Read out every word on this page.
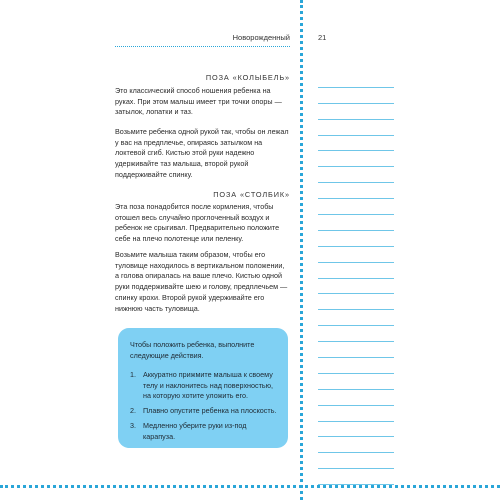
Новорожденный
ПОЗА «КОЛЫБЕЛЬ»

Это классический способ ношения ребенка на руках. При этом малыш имеет три точки опоры — затылок, лопатки и таз.

Возьмите ребенка одной рукой так, чтобы он лежал у вас на предплечье, опираясь затылком на локтевой сгиб. Кистью этой руки надежно удерживайте таз малыша, второй рукой поддерживайте спинку.

ПОЗА «СТОЛБИК»

Эта поза понадобится после кормления, чтобы отошел весь случайно проглоченный воздух и ребенок не срыгивал. Предварительно положите себе на плечо полотенце или пеленку.

Возьмите малыша таким образом, чтобы его туловище находилось в вертикальном положении, а голова опиралась на ваше плечо. Кистью одной руки поддерживайте шею и голову, предплечьем — спинку крохи. Второй рукой удерживайте его нижнюю часть туловища.

Чтобы положить ребенка, выполните следующие действия.

1. Аккуратно прижмите малыша к своему телу и наклонитесь над поверхностью, на которую хотите уложить его.
2. Плавно опустите ребенка на плоскость.
3. Медленно уберите руки из-под карапуза.
21
